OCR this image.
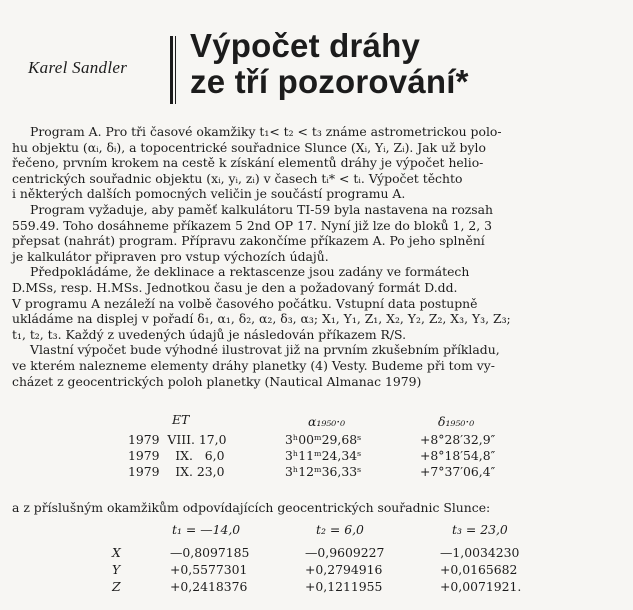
Karel Sandler
Výpočet dráhy
ze tří pozorování*
Program A. Pro tři časové okamžiky t₁< t₂ < t₃ známe astrometrickou polo-
hu objektu (αᵢ, δᵢ), a topocentrické souřadnice Slunce (Xᵢ, Yᵢ, Zᵢ). Jak už bylo
řečeno, prvním krokem na cestě k získání elementů dráhy je výpočet helio-
centrických souřadnic objektu (xᵢ, yᵢ, zᵢ) v časech tᵢ* < tᵢ. Výpočet těchto
i některých dalších pomocných veličin je součástí programu A.
Program vyžaduje, aby paměť kalkulátoru TI-59 byla nastavena na rozsah
559.49. Toho dosáhneme příkazem 5 2nd OP 17. Nyní již lze do bloků 1, 2, 3
přepsat (nahrát) program. Přípravu zakončíme příkazem A. Po jeho splnění
je kalkulátor připraven pro vstup výchozích údajů.
Předpokládáme, že deklinace a rektascenze jsou zadány ve formátech
D.MSs, resp. H.MSs. Jednotkou času je den a požadovaný formát D.dd.
V programu A nezáleží na volbě časového počátku. Vstupní data postupně
ukládáme na displej v pořadí δ₁, α₁, δ₂, α₂, δ₃, α₃; X₁, Y₁, Z₁, X₂, Y₂, Z₂, X₃, Y₃, Z₃;
t₁, t₂, t₃. Každý z uvedených údajů je následován příkazem R/S.
Vlastní výpočet bude výhodné ilustrovat již na prvním zkušebním příkladu,
ve kterém nalezneme elementy dráhy planetky (4) Vesty. Budeme při tom vy-
cházet z geocentrických poloh planetky (Nautical Almanac 1979)
ET	α₁₉₅₀·₀	δ₁₉₅₀·₀
1979  VIII. 17,0	3ʰ00ᵐ29,68ˢ	+8°28′32,9″
1979    IX.   6,0	3ʰ11ᵐ24,34ˢ	+8°18′54,8″
1979    IX. 23,0	3ʰ12ᵐ36,33ˢ	+7°37′06,4″
a z příslušným okamžikům odpovídajících geocentrických souřadnic Slunce:
t₁ = —14,0	t₂ = 6,0	t₃ = 23,0
X	—0,8097185	—0,9609227	—1,0034230
Y	+0,5577301	+0,2794916	+0,0165682
Z	+0,2418376	+0,1211955	+0,0071921.
